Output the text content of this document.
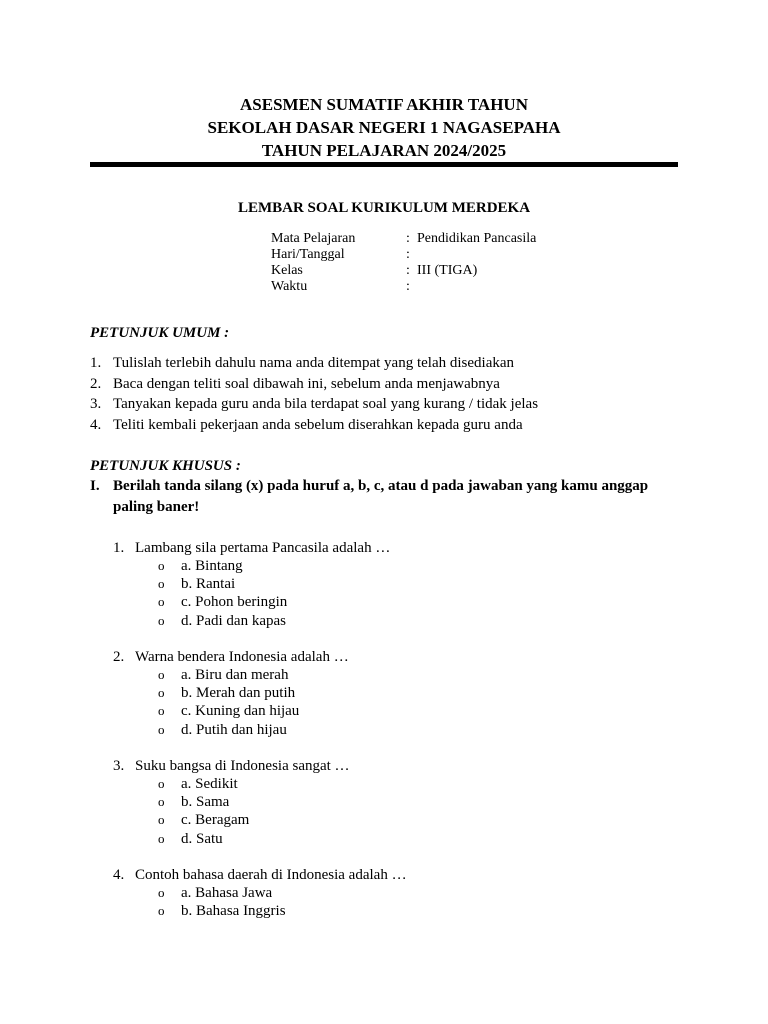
ASESMEN SUMATIF AKHIR TAHUN
SEKOLAH DASAR NEGERI 1 NAGASEPAHA
TAHUN PELAJARAN 2024/2025
LEMBAR SOAL KURIKULUM MERDEKA
Mata Pelajaran	: Pendidikan Pancasila
Hari/Tanggal	:
Kelas	: III (TIGA)
Waktu	:
PETUNJUK UMUM :
1. Tulislah terlebih dahulu nama anda ditempat yang telah disediakan
2. Baca dengan teliti soal dibawah ini, sebelum anda menjawabnya
3. Tanyakan kepada guru anda bila terdapat soal yang kurang / tidak jelas
4. Teliti kembali pekerjaan anda sebelum diserahkan kepada guru anda
PETUNJUK KHUSUS :
I. Berilah tanda silang (x) pada huruf a, b, c, atau d pada jawaban yang kamu anggap paling baner!
1. Lambang sila pertama Pancasila adalah …
o a. Bintang
o b. Rantai
o c. Pohon beringin
o d. Padi dan kapas
2. Warna bendera Indonesia adalah …
o a. Biru dan merah
o b. Merah dan putih
o c. Kuning dan hijau
o d. Putih dan hijau
3. Suku bangsa di Indonesia sangat …
o a. Sedikit
o b. Sama
o c. Beragam
o d. Satu
4. Contoh bahasa daerah di Indonesia adalah …
o a. Bahasa Jawa
o b. Bahasa Inggris
